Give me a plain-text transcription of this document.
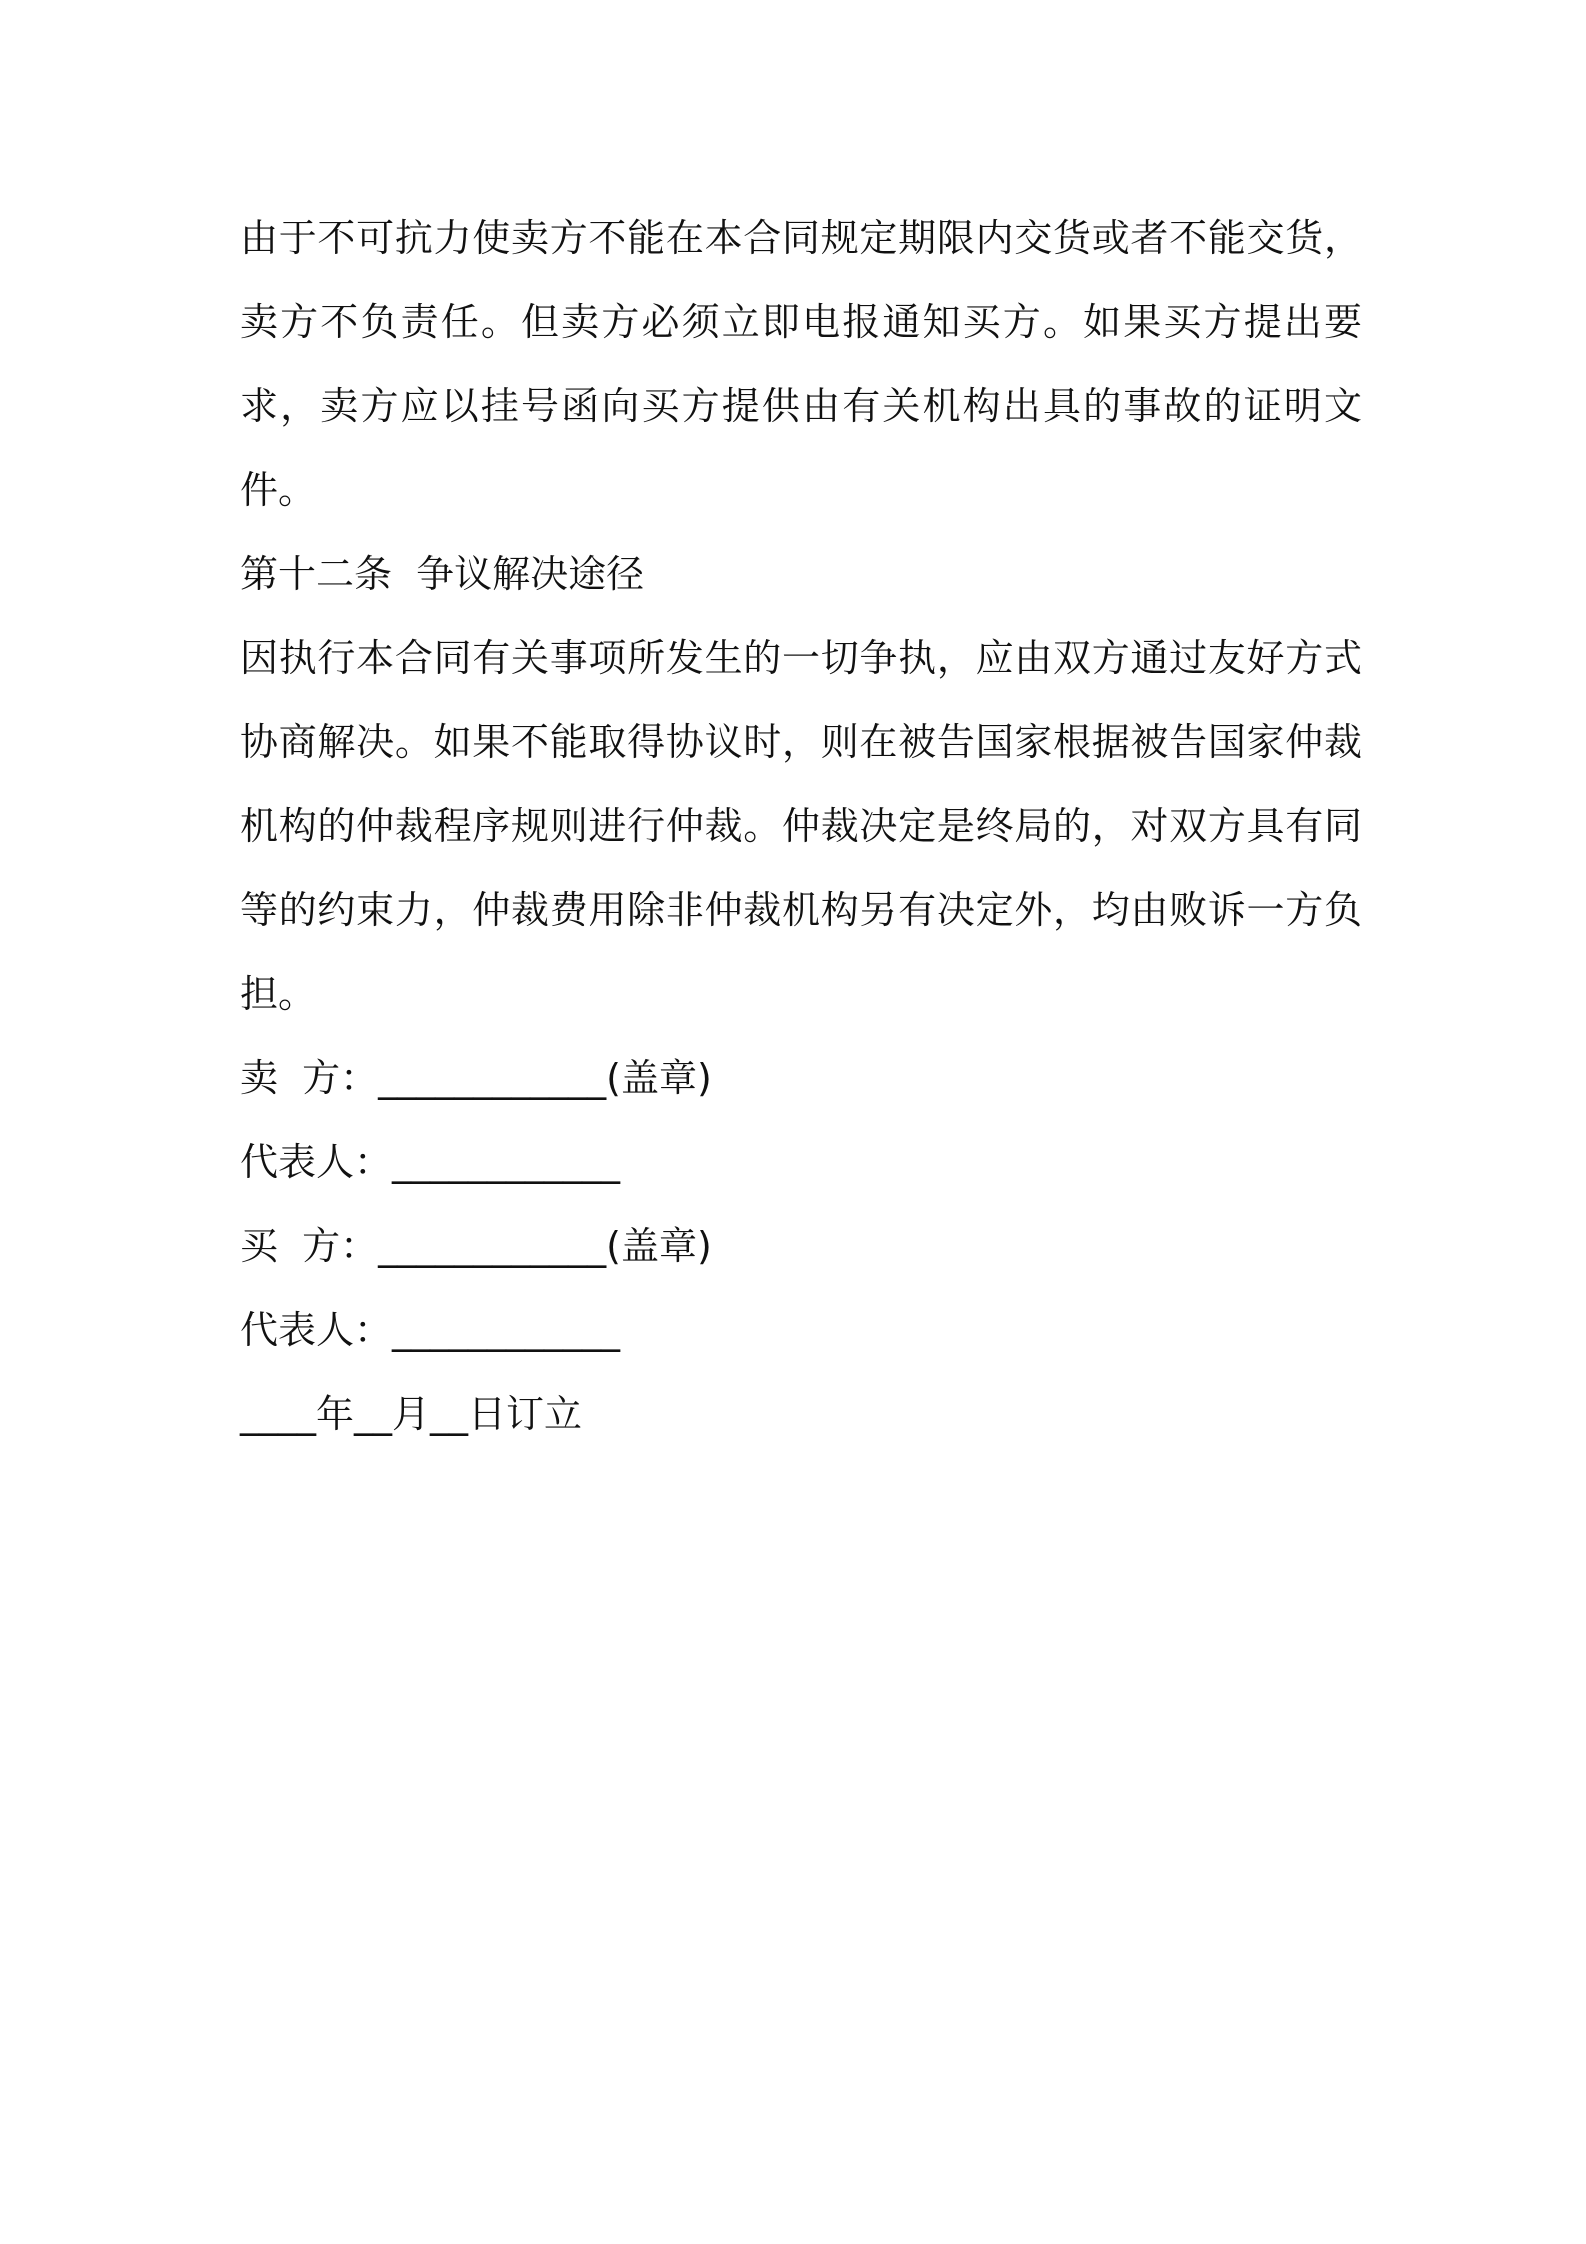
由于不可抗力使卖方不能在本合同规定期限内交货或者不能交货，卖方不负责任。但卖方必须立即电报通知买方。如果买方提出要求，卖方应以挂号函向买方提供由有关机构出具的事故的证明文件。

第十二条  争议解决途径

因执行本合同有关事项所发生的一切争执，应由双方通过友好方式协商解决。如果不能取得协议时，则在被告国家根据被告国家仲裁机构的仲裁程序规则进行仲裁。仲裁决定是终局的，对双方具有同等的约束力，仲裁费用除非仲裁机构另有决定外，均由败诉一方负担。

卖  方：____________(盖章)

代表人：____________

买  方：____________(盖章)

代表人：____________

____年__月__日订立
